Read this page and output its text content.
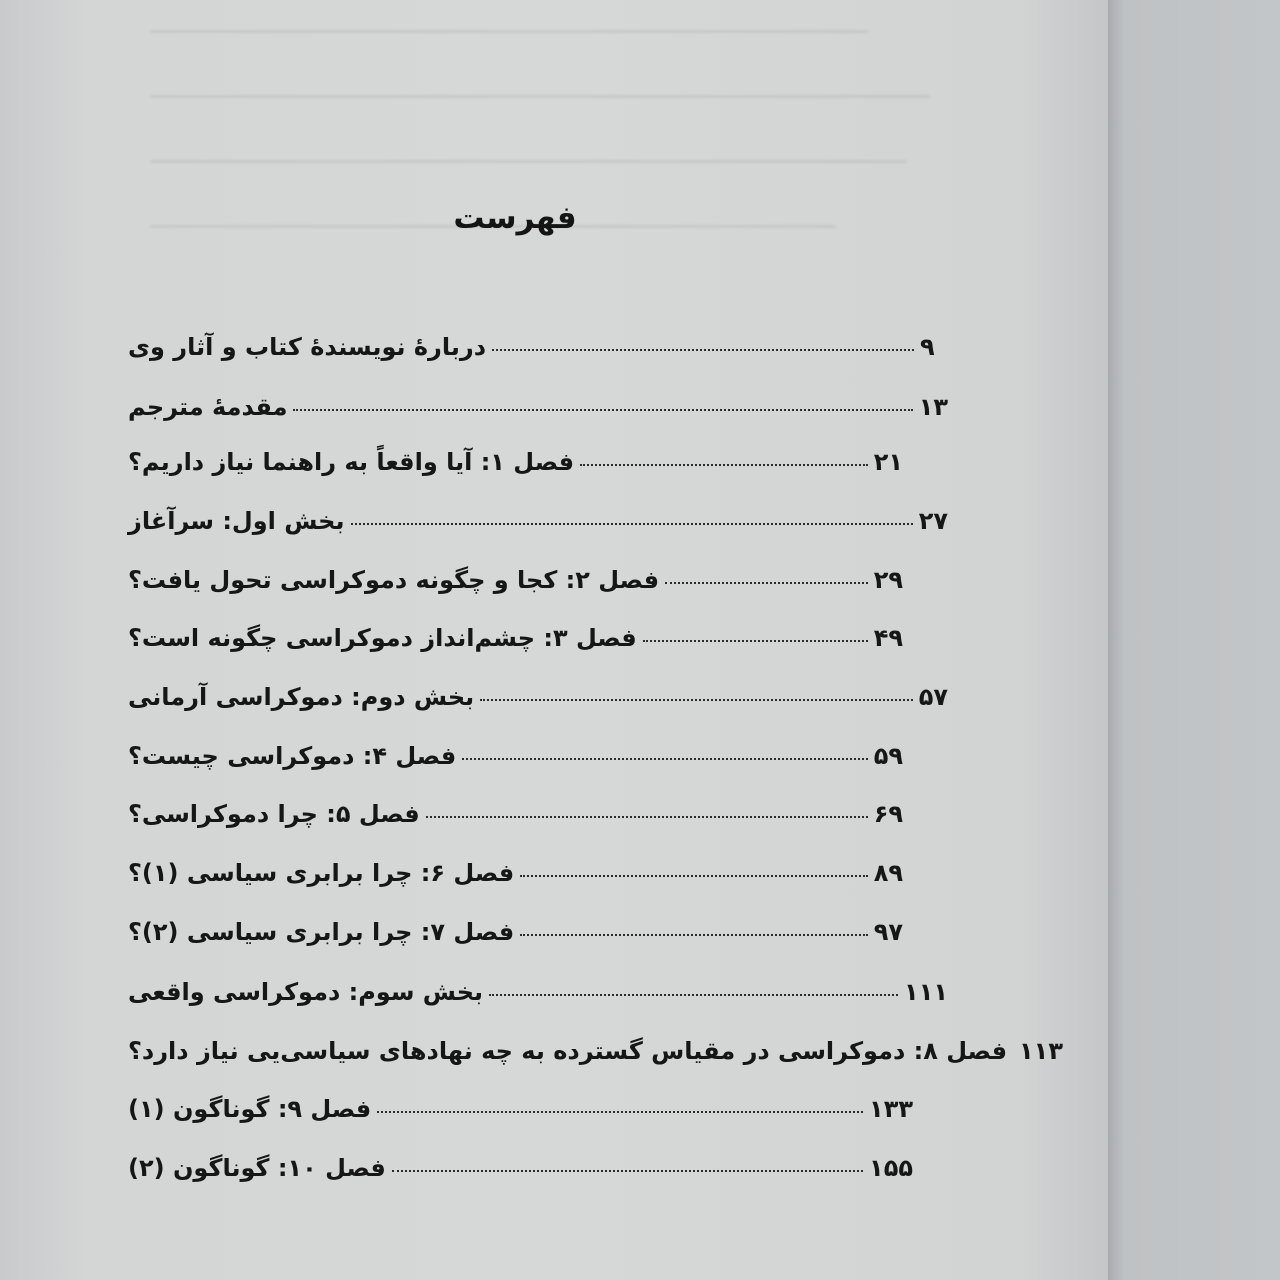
فهرست
دربارهٔ نویسندهٔ کتاب و آثار وی	۹
مقدمهٔ مترجم	۱۳
فصل ۱: آیا واقعاً به راهنما نیاز داریم؟	۲۱
بخش اول: سرآغاز	۲۷
فصل ۲: کجا و چگونه دموکراسی تحول یافت؟	۲۹
فصل ۳: چشم‌انداز دموکراسی چگونه است؟	۴۹
بخش دوم: دموکراسی آرمانی	۵۷
فصل ۴: دموکراسی چیست؟	۵۹
فصل ۵: چرا دموکراسی؟	۶۹
فصل ۶: چرا برابری سیاسی (۱)؟	۸۹
فصل ۷: چرا برابری سیاسی (۲)؟	۹۷
بخش سوم: دموکراسی واقعی	۱۱۱
فصل ۸: دموکراسی در مقیاس گسترده به چه نهادهای سیاسی‌یی نیاز دارد؟ ۱۱۳
فصل ۹: گوناگون (۱)	۱۳۳
فصل ۱۰: گوناگون (۲)	۱۵۵
